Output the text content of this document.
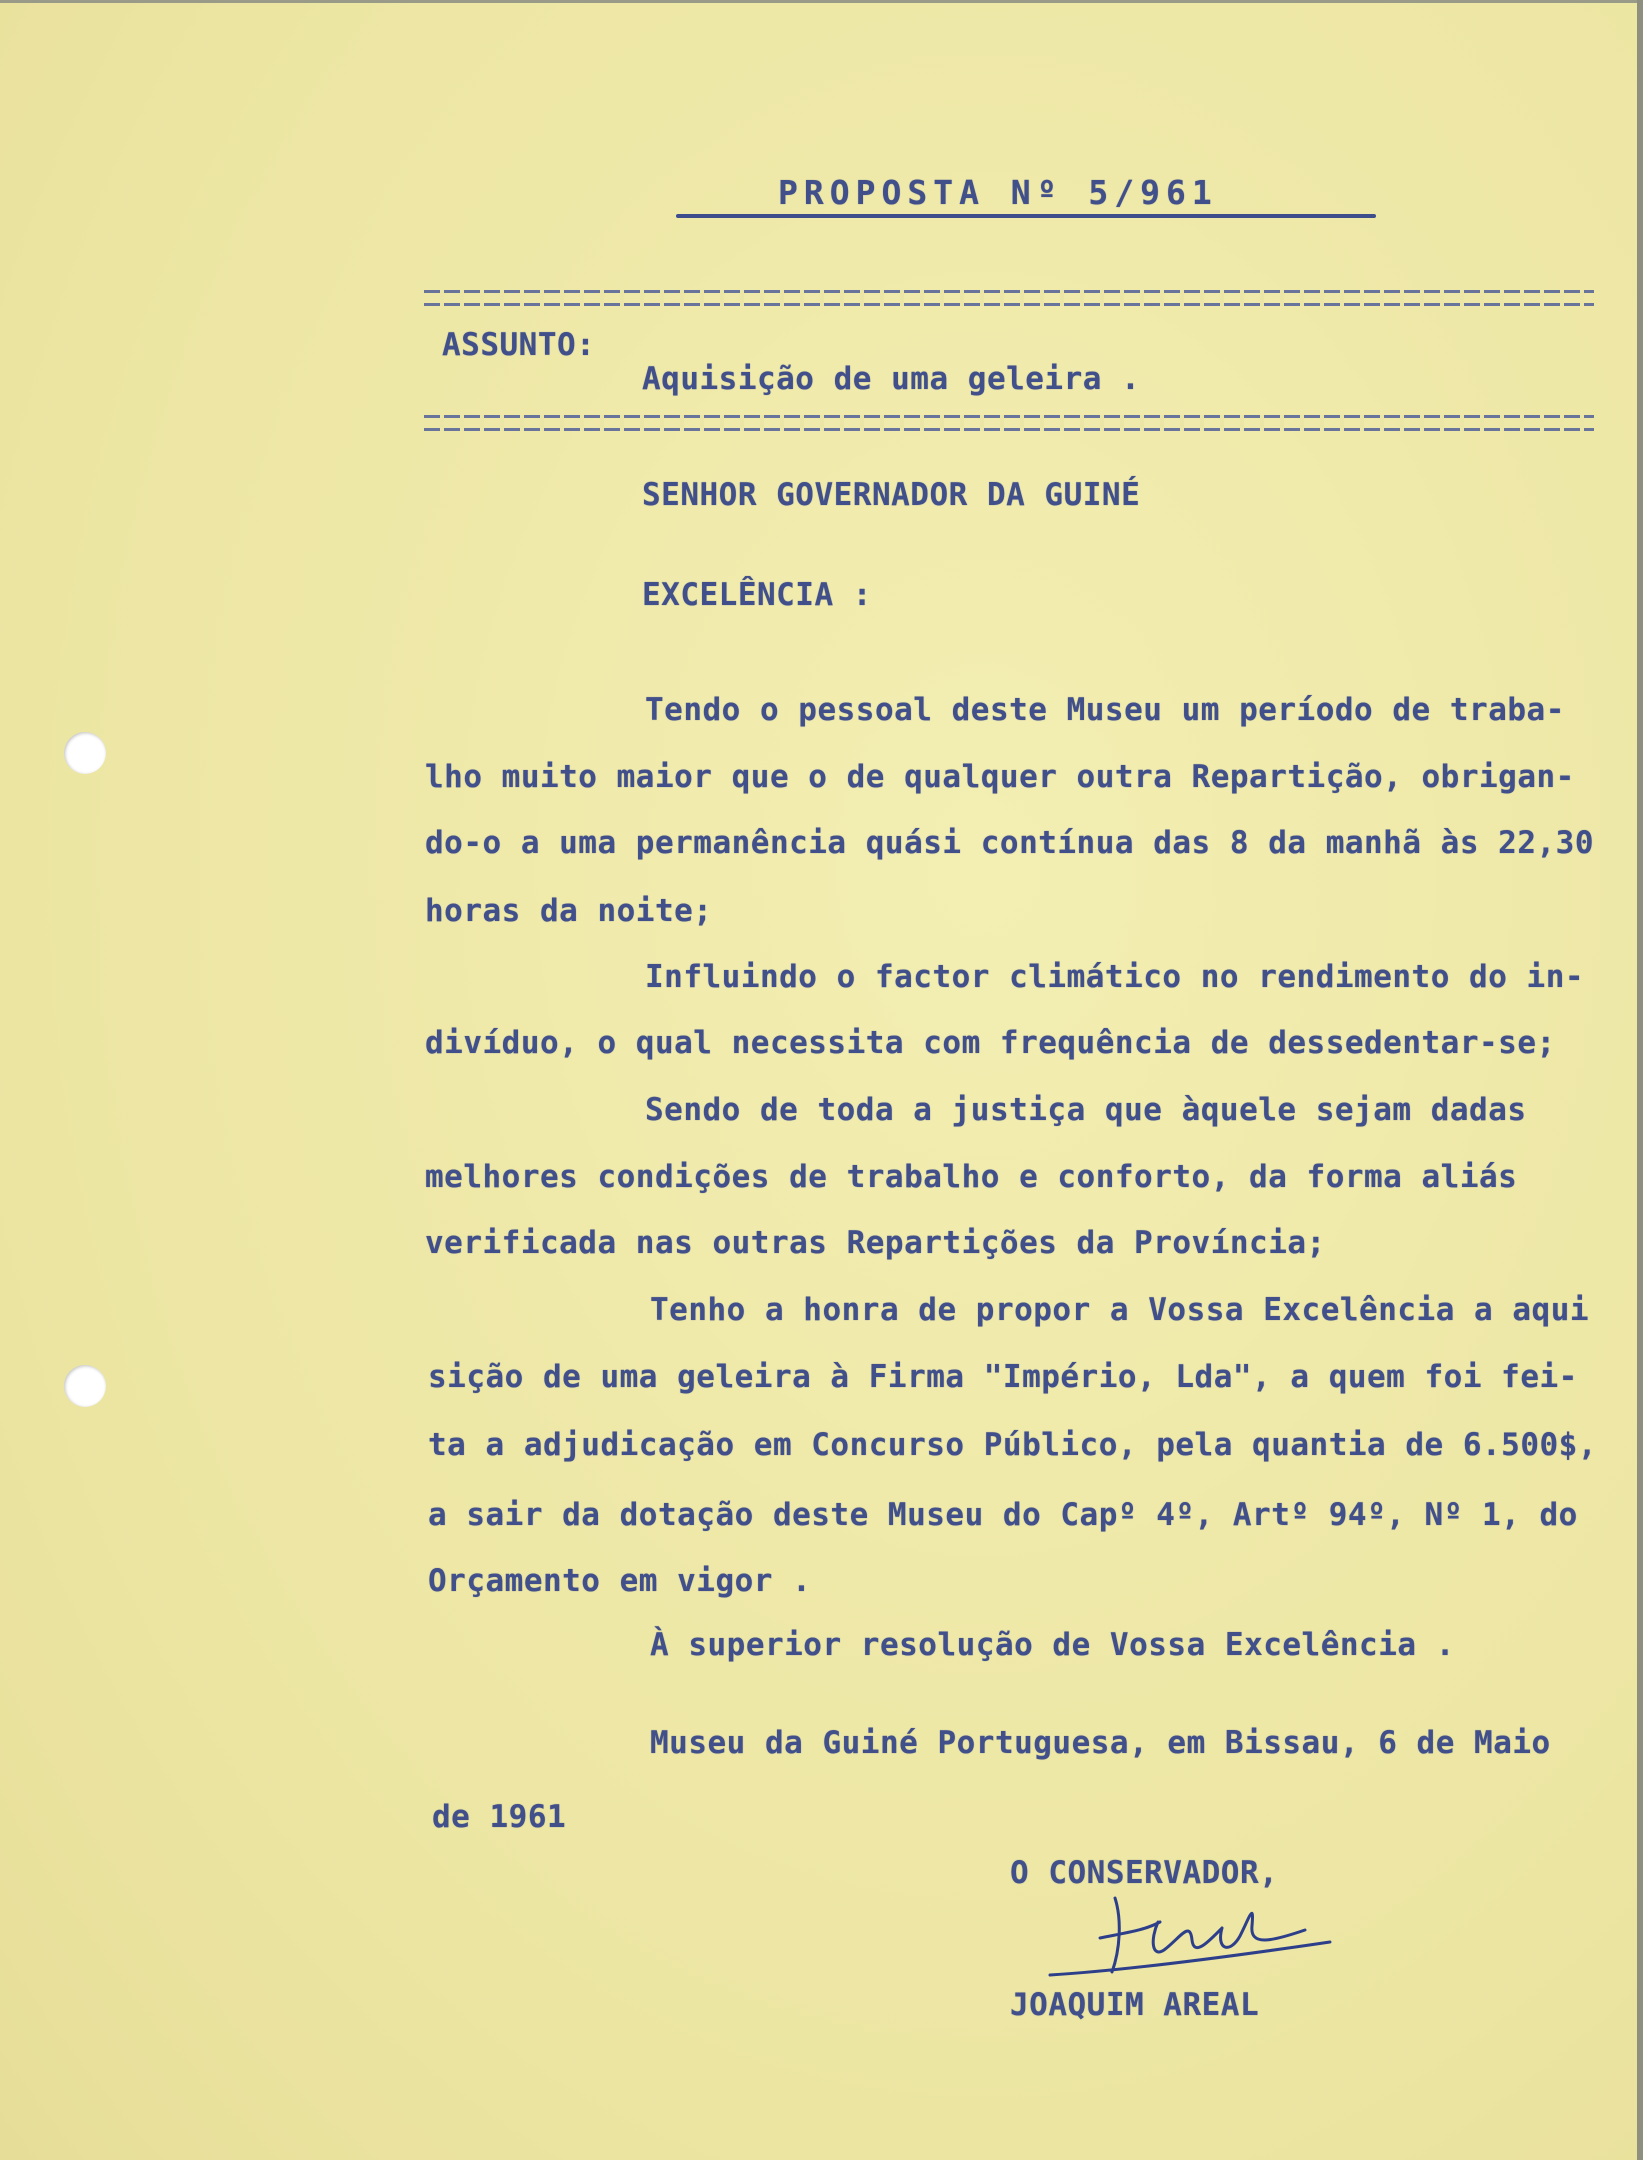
PROPOSTA Nº 5/961

ASSUNTO:

Aquisição de uma geleira .

SENHOR GOVERNADOR DA GUINÉ

EXCELÊNCIA :

Tendo o pessoal deste Museu um período de traba-

lho muito maior que o de qualquer outra Repartição, obrigan-

do-o a uma permanência quási contínua das 8 da manhã às 22,30

horas da noite;

Influindo o factor climático no rendimento do in-

divíduo, o qual necessita com frequência de dessedentar-se;

Sendo de toda a justiça que àquele sejam dadas

melhores condições de trabalho e conforto, da forma aliás

verificada nas outras Repartições da Província;

Tenho a honra de propor a Vossa Excelência a aqui

sição de uma geleira à Firma "Império, Lda", a quem foi fei-

ta a adjudicação em Concurso Público, pela quantia de 6.500$,

a sair da dotação deste Museu do Capº 4º, Artº 94º, Nº 1, do

Orçamento em vigor .

À superior resolução de Vossa Excelência .

Museu da Guiné Portuguesa, em Bissau, 6 de Maio

de 1961

O CONSERVADOR,

JOAQUIM AREAL
